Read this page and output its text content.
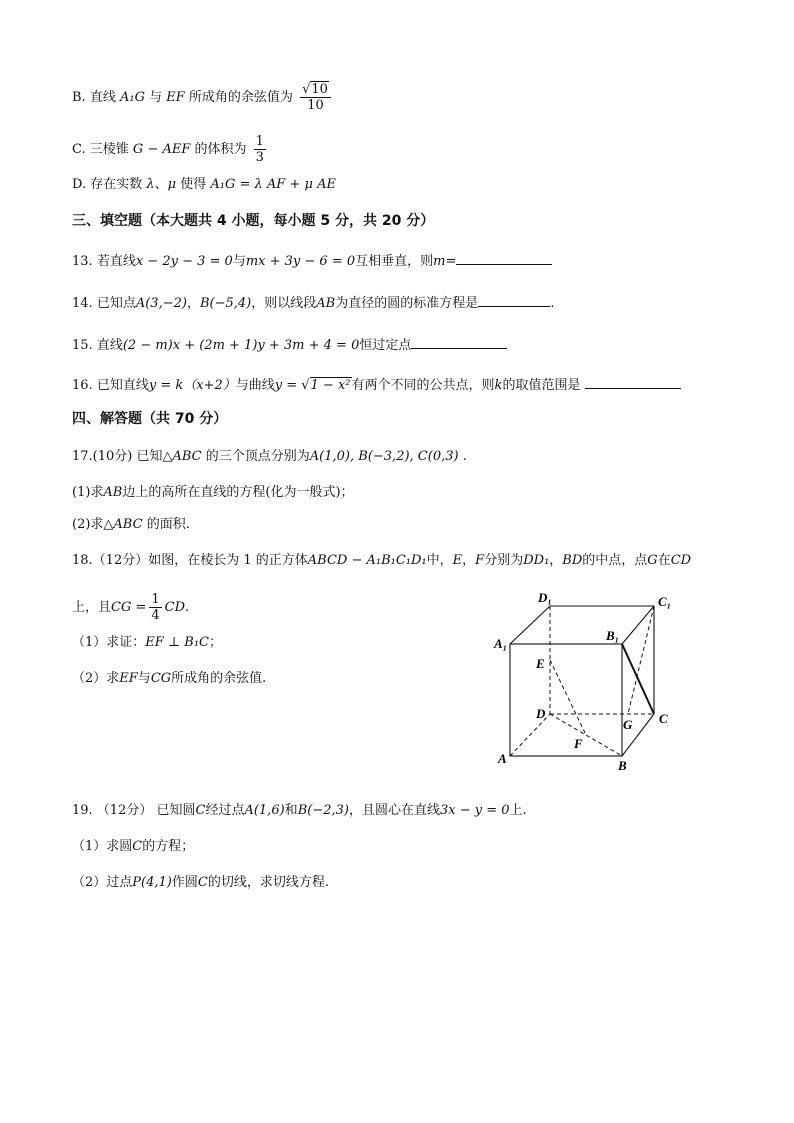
B. 直线 A₁G 与 EF 所成角的余弦值为 $\frac{√10}{10}$
C. 三棱锥 G − AEF 的体积为 $\frac{1}{3}$
D. 存在实数 λ、μ 使得 A₁G = λ AF + μ AE
三、填空题（本大题共 4 小题，每小题 5 分，共 20 分）
13. 若直线x − 2y − 3 = 0与mx + 3y − 6 = 0互相垂直，则m=
14. 已知点A(3,−2)，B(−5,4)，则以线段AB为直径的圆的标准方程是	.
15. 直线(2 − m)x + (2m + 1)y + 3m + 4 = 0恒过定点
16. 已知直线y = k（x+2）与曲线y = √1 − x²有两个不同的公共点，则k的取值范围是
四、解答题（共 70 分）
17.(10分) 已知△ABC 的三个顶点分别为A(1,0), B(−3,2), C(0,3) .
(1)求AB边上的高所在直线的方程(化为一般式)；
(2)求△ABC 的面积.
18.（12分）如图，在棱长为 1 的正方体ABCD − A₁B₁C₁D₁中，E，F分别为DD₁，BD的中点，点G在CD
上，且CG = $\frac{1}{4}$ CD.
（1）求证：EF ⊥ B₁C；
（2）求EF与CG所成角的余弦值.
D₁	C₁
A₁
B₁
E
D
F
G C
A	B
19. （12分） 已知圆C经过点A(1,6)和B(−2,3)，且圆心在直线3x − y = 0上.
（1）求圆C的方程；
（2）过点P(4,1)作圆C的切线，求切线方程.
